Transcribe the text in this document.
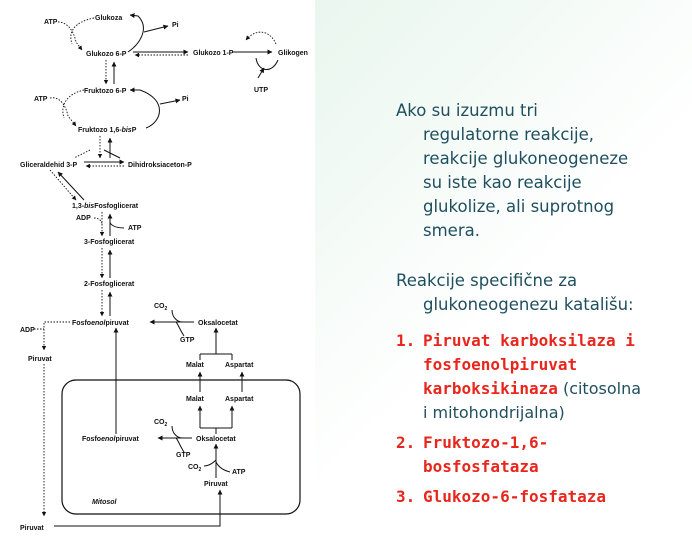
Glukoza
ATP	Pi
Glukozo 6-P	Glukozo 1-P	Glikogen
UTP
Fruktozo 6-P
ATP	Pi
Fruktozo 1,6-bisP
Gliceraldehid 3-P	Dihidroksiaceton-P
1,3-bisFosfoglicerat
ADP
ATP
3-Fosfoglicerat
2-Fosfoglicerat
$CO_2$
Fosfoenolpiruvat	Oksalocetat
ADP
GTP
Piruvat
Malat	Aspartat
Malat	Aspartat
$CO_2$
Fosfoenolpiruvat	Oksalocetat
GTP
$CO_2$	ATP
Piruvat
Mitosol
Piruvat
Ako su izuzmu tri
regulatorne reakcije,
reakcije glukoneogeneze
su iste kao reakcije
glukolize, ali suprotnog
smera.
Reakcije specifične za
glukoneogenezu katališu:
1. Piruvat karboksilaza i
fosfoenolpiruvat
karboksikinaza (citosolna
i mitohondrijalna)
2. Fruktozo-1,6-
bosfosfataza
3. Glukozo-6-fosfataza
